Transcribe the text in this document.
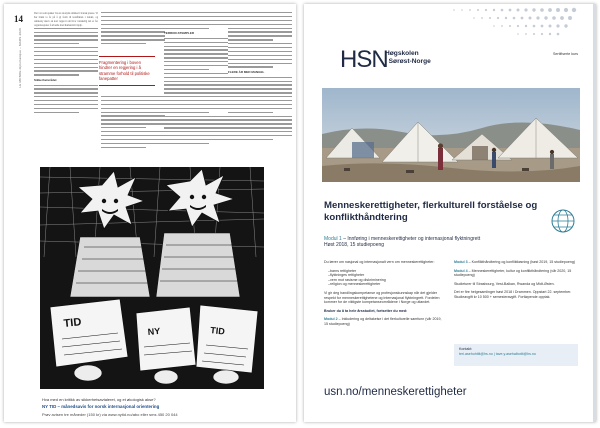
14
LE MONDE diplomatique – MARS 2020
Det var som spøker fra en anonym artikkel i fransk presse. Vi har brukt to år på å gi form til konflikten i landet, og Amnesty skrev en kort rapport om hvor vanskelig det er for organisasjoner å arbeide med humanitær hjelp.
Sikkerhetsrådet
Fragmentering i boven hindrer en regjering i å stramme forhold til politiske fanepatter
TERROR-STEMPLER
FLERE ÅR MED MANGEL
TID
NY	TID
Hva med en kritikk av sikkerhetsavtaleret, og et økologisk akse?
NY TID – månedsavis for norsk internasjonal orientering
Prøv avisen tre måneder (150 kr) via www.nytid.no/abo eller sms 450 20 044
HSN
Høgskolen
i Sørøst-Norge
Sertifiserte kurs
Menneskerettigheter, flerkulturell forståelse og konflikthåndtering
Modul 1 – Innføring i menneskerettigheter og internasjonal flyktningrett
Høst 2018, 15 studiepoeng

Du lærer om nasjonal og internasjonalt vern om menneskerettigheter:

– barns rettigheter
– flyktninges rettigheter
– vern mot rasisme og diskriminering
– religion og menneskerettigheter

Vi gir deg handlingskompetanse og profesjonskunnskap når det gjelder respekt for menneskerettighetene og internasjonal flyktningrett. Fordelen kommer for de viktigste kompetanseområdene i Norge og utlandet.

Bruker du å ta hele årsstudiet, fortsetter du med:

Modul 2 – Inkludering og deltakelse i det flerkulturelle samfunn (vår 2019, 15 studiepoeng)

Modul 3 – Konflikthåndtering og konfliktløsning (høst 2019, 15 studiepoeng)

Modul 4 – Menneskerettigheter, kultur og konflikthåndtering (vår 2020, 15 studiepoeng)

Studieturer til Strasbourg, Vest-Balkan, Rwanda og Midt-Østen.

Det er fire helgesamlinger høst 2018 i Drammen. Oppstart 22. september. Studieavgift kr 10 500 + semesteravgift. Fortløpende opptak.

Kontakt:
teri.asehuhitit@hs.no | tave.y.asehalbotit@hs.no
usn.no/menneskerettigheter
